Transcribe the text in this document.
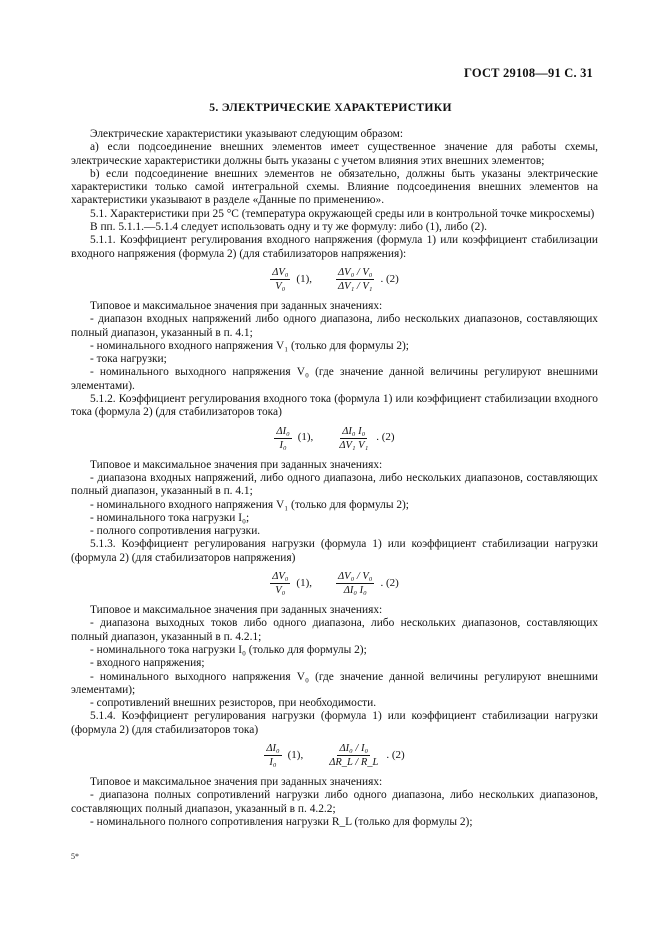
ГОСТ 29108—91 С. 31
5. ЭЛЕКТРИЧЕСКИЕ ХАРАКТЕРИСТИКИ

Электрические характеристики указывают следующим образом:

а) если подсоединение внешних элементов имеет существенное значение для работы схемы, электрические характеристики должны быть указаны с учетом влияния этих внешних элементов;

b) если подсоединение внешних элементов не обязательно, должны быть указаны электрические характеристики только самой интегральной схемы. Влияние подсоединения внешних элементов на характеристики указывают в разделе «Данные по применению».

5.1. Характеристики при 25 °С (температура окружающей среды или в контрольной точке микросхемы)

В пп. 5.1.1.—5.1.4 следует использовать одну и ту же формулу: либо (1), либо (2).

5.1.1. Коэффициент регулирования входного напряжения (формула 1) или коэффициент стабилизации входного напряжения (формула 2) (для стабилизаторов напряжения):

$\frac{\text{ΔV₀}}{\text{V₀}} (1)$, $\frac{\text{ΔV₀ / V₀}}{\text{ΔV₁ / V₁}}$ . (2)

Типовое и максимальное значения при заданных значениях:

- диапазон входных напряжений либо одного диапазона, либо нескольких диапазонов, составляющих полный диапазон, указанный в п. 4.1;

- номинального входного напряжения V₁ (только для формулы 2);

- тока нагрузки;

- номинального выходного напряжения V₀ (где значение данной величины регулируют внешними элементами).

5.1.2. Коэффициент регулирования входного тока (формула 1) или коэффициент стабилизации входного тока (формула 2) (для стабилизаторов тока)

$\frac{\text{ΔI₀}}{\text{I₀}} (1)$, $\frac{\text{ΔI₀ I₀}}{\text{ΔV₁ V₁}}$ . (2)

Типовое и максимальное значения при заданных значениях:

- диапазона входных напряжений, либо одного диапазона, либо нескольких диапазонов, составляющих полный диапазон, указанный в п. 4.1;

- номинального входного напряжения V₁ (только для формулы 2);

- номинального тока нагрузки I₀;

- полного сопротивления нагрузки.

5.1.3. Коэффициент регулирования нагрузки (формула 1) или коэффициент стабилизации нагрузки (формула 2) (для стабилизаторов напряжения)

$\frac{\text{ΔV₀}}{\text{V₀}} (1)$, $\frac{\text{ΔV₀ / V₀}}{\text{ΔI₀ I₀}}$ . (2)

Типовое и максимальное значения при заданных значениях:

- диапазона выходных токов либо одного диапазона, либо нескольких диапазонов, составляющих полный диапазон, указанный в п. 4.2.1;

- номинального тока нагрузки I₀ (только для формулы 2);

- входного напряжения;

- номинального выходного напряжения V₀ (где значение данной величины регулируют внешними элементами);

- сопротивлений внешних резисторов, при необходимости.

5.1.4. Коэффициент регулирования нагрузки (формула 1) или коэффициент стабилизации нагрузки (формула 2) (для стабилизаторов тока)

$\frac{\text{ΔI₀}}{\text{I₀}} (1)$, $\frac{\text{ΔI₀ / I₀}}{\Delta R\_L / R\_L}$ . (2)

Типовое и максимальное значения при заданных значениях:

- диапазона полных сопротивлений нагрузки либо одного диапазона, либо нескольких диапазонов, составляющих полный диапазон, указанный в п. 4.2.2;

- номинального полного сопротивления нагрузки R_L (только для формулы 2);

5*
